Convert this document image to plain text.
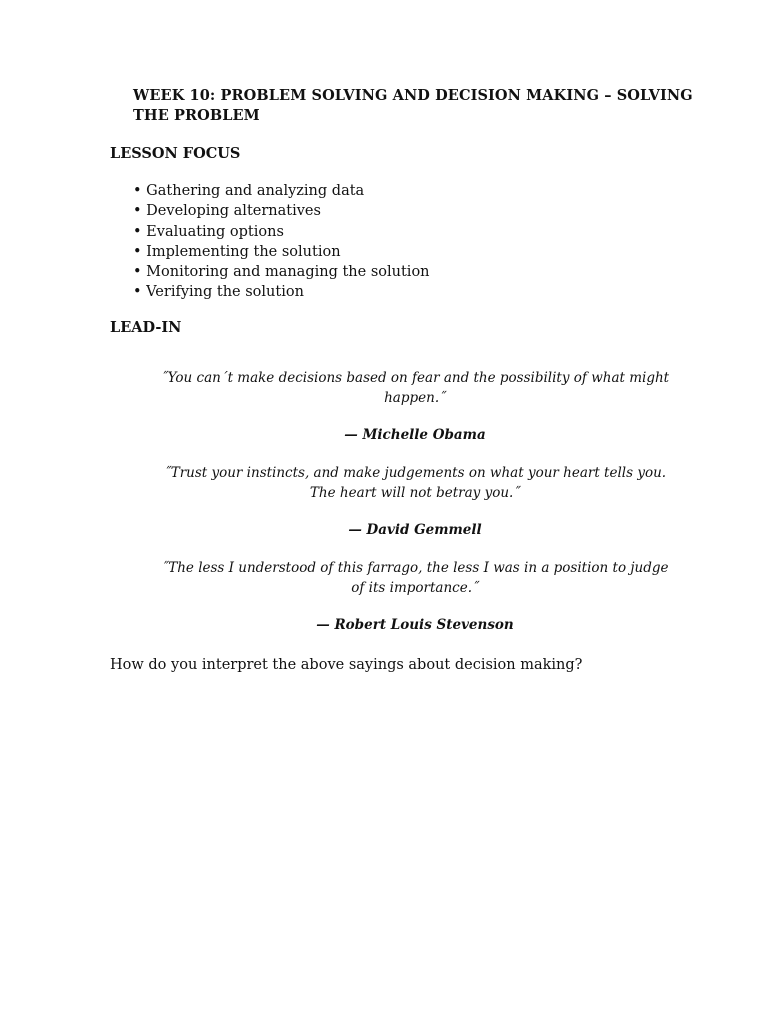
WEEK 10: PROBLEM SOLVING AND DECISION MAKING – SOLVING THE PROBLEM
LESSON FOCUS
• Gathering and analyzing data
• Developing alternatives
• Evaluating options
• Implementing the solution
• Monitoring and managing the solution
• Verifying the solution
LEAD-IN
˝You can´t make decisions based on fear and the possibility of what might happen.˝
— Michelle Obama
˝Trust your instincts, and make judgements on what your heart tells you. The heart will not betray you.˝
— David Gemmell
˝The less I understood of this farrago, the less I was in a position to judge of its importance.˝
— Robert Louis Stevenson
How do you interpret the above sayings about decision making?
